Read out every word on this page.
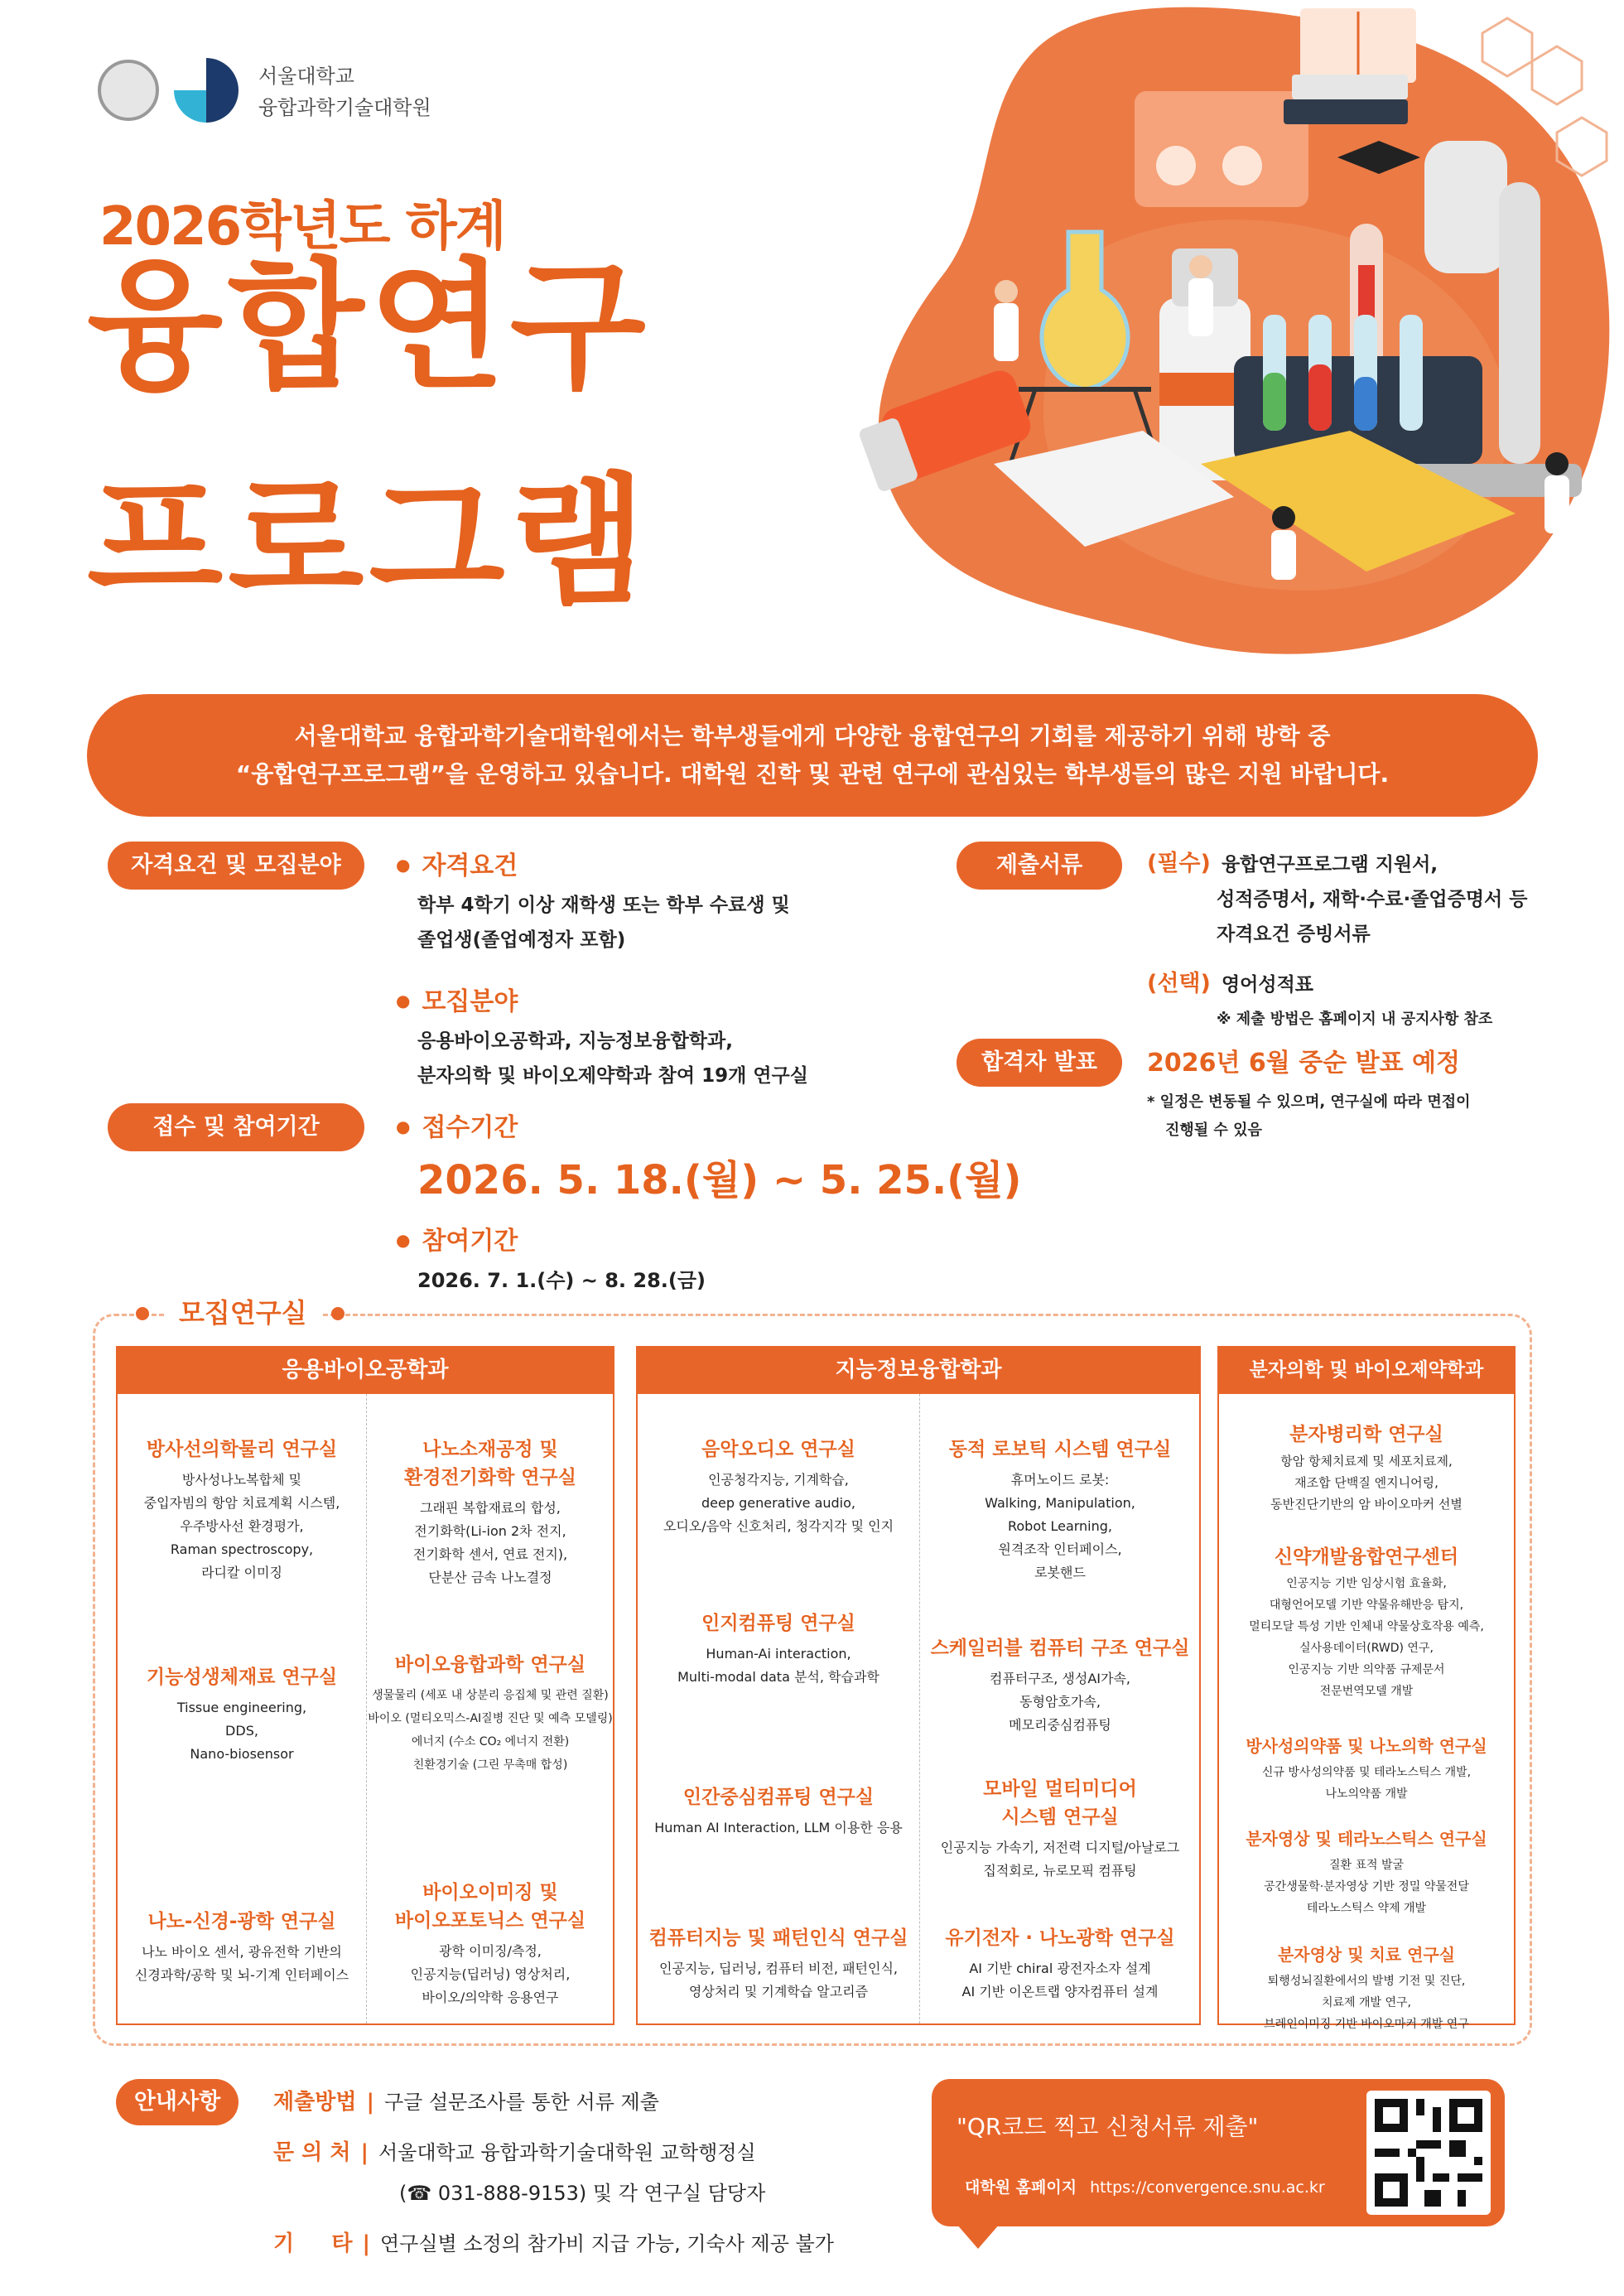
서울대학교
융합과학기술대학원
2026학년도 하계
융합연구
프로그램
서울대학교 융합과학기술대학원에서는 학부생들에게 다양한 융합연구의 기회를 제공하기 위해 방학 중
“융합연구프로그램”을 운영하고 있습니다. 대학원 진학 및 관련 연구에 관심있는 학부생들의 많은 지원 바랍니다.
자격요건 및 모집분야	● 자격요건
학부 4학기 이상 재학생 또는 학부 수료생 및
졸업생(졸업예정자 포함)
● 모집분야
응용바이오공학과, 지능정보융합학과,
분자의학 및 바이오제약학과 참여 19개 연구실
접수 및 참여기간	● 접수기간
2026. 5. 18.(월) ~ 5. 25.(월)
● 참여기간
2026. 7. 1.(수) ~ 8. 28.(금)
제출서류	(필수) 융합연구프로그램 지원서,
성적증명서, 재학·수료·졸업증명서 등
자격요건 증빙서류
(선택) 영어성적표
※ 제출 방법은 홈페이지 내 공지사항 참조
합격자 발표	2026년 6월 중순 발표 예정
* 일정은 변동될 수 있으며, 연구실에 따라 면접이
진행될 수 있음
모집연구실
응용바이오공학과
방사선의학물리 연구실
방사성나노복합체 및
중입자빔의 항암 치료계획 시스템,
우주방사선 환경평가,
Raman spectroscopy,
라디칼 이미징
기능성생체재료 연구실
Tissue engineering,
DDS,
Nano-biosensor
나노-신경-광학 연구실
나노 바이오 센서, 광유전학 기반의
신경과학/공학 및 뇌-기계 인터페이스
나노소재공정 및
환경전기화학 연구실
그래핀 복합재료의 합성,
전기화학(Li-ion 2차 전지,
전기화학 센서, 연료 전지),
단분산 금속 나노결정
바이오융합과학 연구실
생물물리 (세포 내 상분리 응집체 및 관련 질환)
바이오 (멀티오믹스-AI질병 진단 및 예측 모델링)
에너지 (수소 CO₂ 에너지 전환)
친환경기술 (그린 무촉매 합성)
바이오이미징 및
바이오포토닉스 연구실
광학 이미징/측정,
인공지능(딥러닝) 영상처리,
바이오/의약학 응용연구
지능정보융합학과
음악오디오 연구실
인공청각지능, 기계학습,
deep generative audio,
오디오/음악 신호처리, 청각지각 및 인지
인지컴퓨팅 연구실
Human-Ai interaction,
Multi-modal data 분석, 학습과학
인간중심컴퓨팅 연구실
Human AI Interaction, LLM 이용한 응용
컴퓨터지능 및 패턴인식 연구실
인공지능, 딥러닝, 컴퓨터 비전, 패턴인식,
영상처리 및 기계학습 알고리즘
동적 로보틱 시스템 연구실
휴머노이드 로봇:
Walking, Manipulation,
Robot Learning,
원격조작 인터페이스,
로봇핸드
스케일러블 컴퓨터 구조 연구실
컴퓨터구조, 생성AI가속,
동형암호가속,
메모리중심컴퓨팅
모바일 멀티미디어
시스템 연구실
인공지능 가속기, 저전력 디지털/아날로그
집적회로, 뉴로모픽 컴퓨팅
유기전자 · 나노광학 연구실
AI 기반 chiral 광전자소자 설계
AI 기반 이온트랩 양자컴퓨터 설계
분자의학 및 바이오제약학과
분자병리학 연구실
항암 항체치료제 및 세포치료제,
재조합 단백질 엔지니어링,
동반진단기반의 암 바이오마커 선별
신약개발융합연구센터
인공지능 기반 임상시험 효율화,
대형언어모델 기반 약물유해반응 탐지,
멀티모달 특성 기반 인체내 약물상호작용 예측,
실사용데이터(RWD) 연구,
인공지능 기반 의약품 규제문서
전문번역모델 개발
방사성의약품 및 나노의학 연구실
신규 방사성의약품 및 테라노스틱스 개발,
나노의약품 개발
분자영상 및 테라노스틱스 연구실
질환 표적 발굴
공간생물학·분자영상 기반 정밀 약물전달
테라노스틱스 약제 개발
분자영상 및 치료 연구실
퇴행성뇌질환에서의 발병 기전 및 진단,
치료제 개발 연구,
브레인이미징 기반 바이오마커 개발 연구
안내사항	제출방법 | 구글 설문조사를 통한 서류 제출
문 의 처 | 서울대학교 융합과학기술대학원 교학행정실
(☎ 031-888-9153) 및 각 연구실 담당자
기     타 | 연구실별 소정의 참가비 지급 가능, 기숙사 제공 불가
"QR코드 찍고 신청서류 제출"
대학원 홈페이지 https://convergence.snu.ac.kr
